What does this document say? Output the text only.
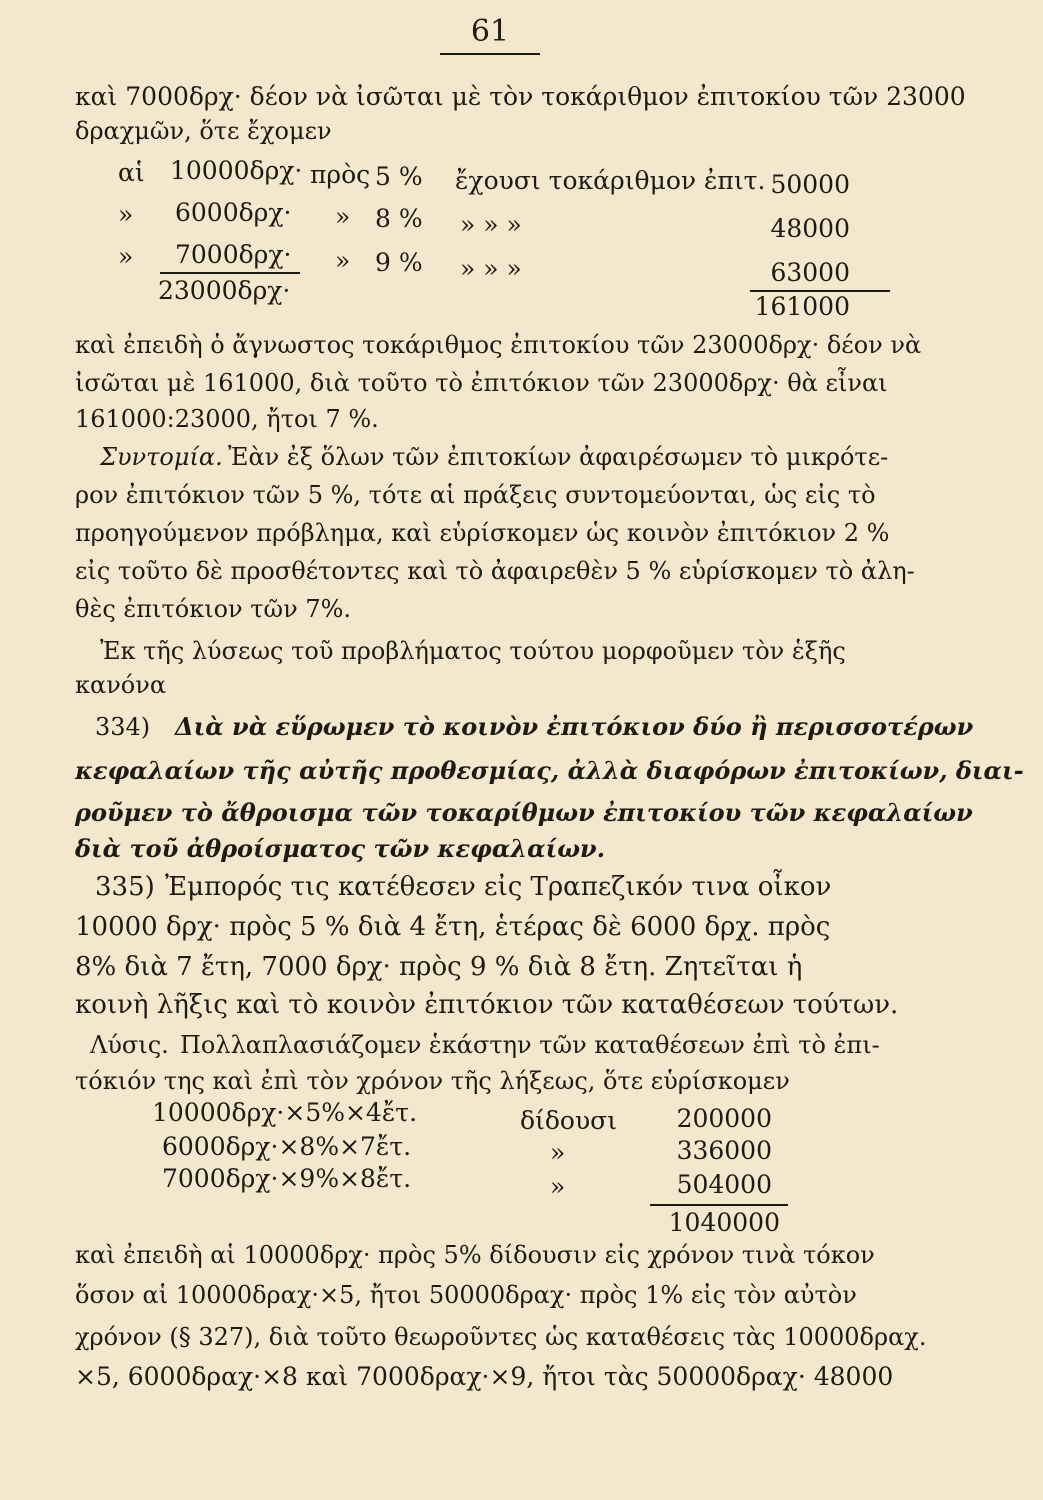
61
καὶ 7000δρχ· δέον νὰ ἰσῶται μὲ τὸν τοκάριθμον ἐπιτοκίου τῶν 23000
δραχμῶν, ὅτε ἔχομεν
αἱ 10000δρχ· πρὸς 5 % ἔχουσι τοκάριθμον ἐπιτ. 50000
» 6000δρχ· » 8 % » » »	48000
» 7000δρχ· » 9 % » » »	63000
23000δρχ·
161000
καὶ ἐπειδὴ ὁ ἄγνωστος τοκάριθμος ἐπιτοκίου τῶν 23000δρχ· δέον νὰ
ἰσῶται μὲ 161000, διὰ τοῦτο τὸ ἐπιτόκιον τῶν 23000δρχ· θὰ εἶναι
161000:23000, ἤτοι 7 %.
Συντομία. Ἐὰν ἐξ ὅλων τῶν ἐπιτοκίων ἀφαιρέσωμεν τὸ μικρότε-
ρον ἐπιτόκιον τῶν 5 %, τότε αἱ πράξεις συντομεύονται, ὡς εἰς τὸ
προηγούμενον πρόβλημα, καὶ εὑρίσκομεν ὡς κοινὸν ἐπιτόκιον 2 %
εἰς τοῦτο δὲ προσθέτοντες καὶ τὸ ἀφαιρεθὲν 5 % εὑρίσκομεν τὸ ἀλη-
θὲς ἐπιτόκιον τῶν 7%.
Ἐκ τῆς λύσεως τοῦ προβλήματος τούτου μορφοῦμεν τὸν ἑξῆς
κανόνα
334) Διὰ νὰ εὕρωμεν τὸ κοινὸν ἐπιτόκιον δύο ἢ περισσοτέρων
κεφαλαίων τῆς αὐτῆς προθεσμίας, ἀλλὰ διαφόρων ἐπιτοκίων, διαι-
ροῦμεν τὸ ἄθροισμα τῶν τοκαρίθμων ἐπιτοκίου τῶν κεφαλαίων
διὰ τοῦ ἀθροίσματος τῶν κεφαλαίων.
335) Ἐμπορός τις κατέθεσεν εἰς Τραπεζικόν τινα οἶκον
10000 δρχ· πρὸς 5 % διὰ 4 ἔτη, ἑτέρας δὲ 6000 δρχ. πρὸς
8% διὰ 7 ἔτη, 7000 δρχ· πρὸς 9 % διὰ 8 ἔτη. Ζητεῖται ἡ
κοινὴ λῆξις καὶ τὸ κοινὸν ἐπιτόκιον τῶν καταθέσεων τούτων.
Λύσις. Πολλαπλασιάζομεν ἑκάστην τῶν καταθέσεων ἐπὶ τὸ ἐπι-
τόκιόν της καὶ ἐπὶ τὸν χρόνον τῆς λήξεως, ὅτε εὑρίσκομεν
10000δρχ·×5%×4ἔτ.	δίδουσι	200000
6000δρχ·×8%×7ἔτ.	»	336000
7000δρχ·×9%×8ἔτ.	»	504000
1040000
καὶ ἐπειδὴ αἱ 10000δρχ· πρὸς 5% δίδουσιν εἰς χρόνον τινὰ τόκον
ὅσον αἱ 10000δραχ·×5, ἤτοι 50000δραχ· πρὸς 1% εἰς τὸν αὐτὸν
χρόνον (§ 327), διὰ τοῦτο θεωροῦντες ὡς καταθέσεις τὰς 10000δραχ.
×5, 6000δραχ·×8 καὶ 7000δραχ·×9, ἤτοι τὰς 50000δραχ· 48000
